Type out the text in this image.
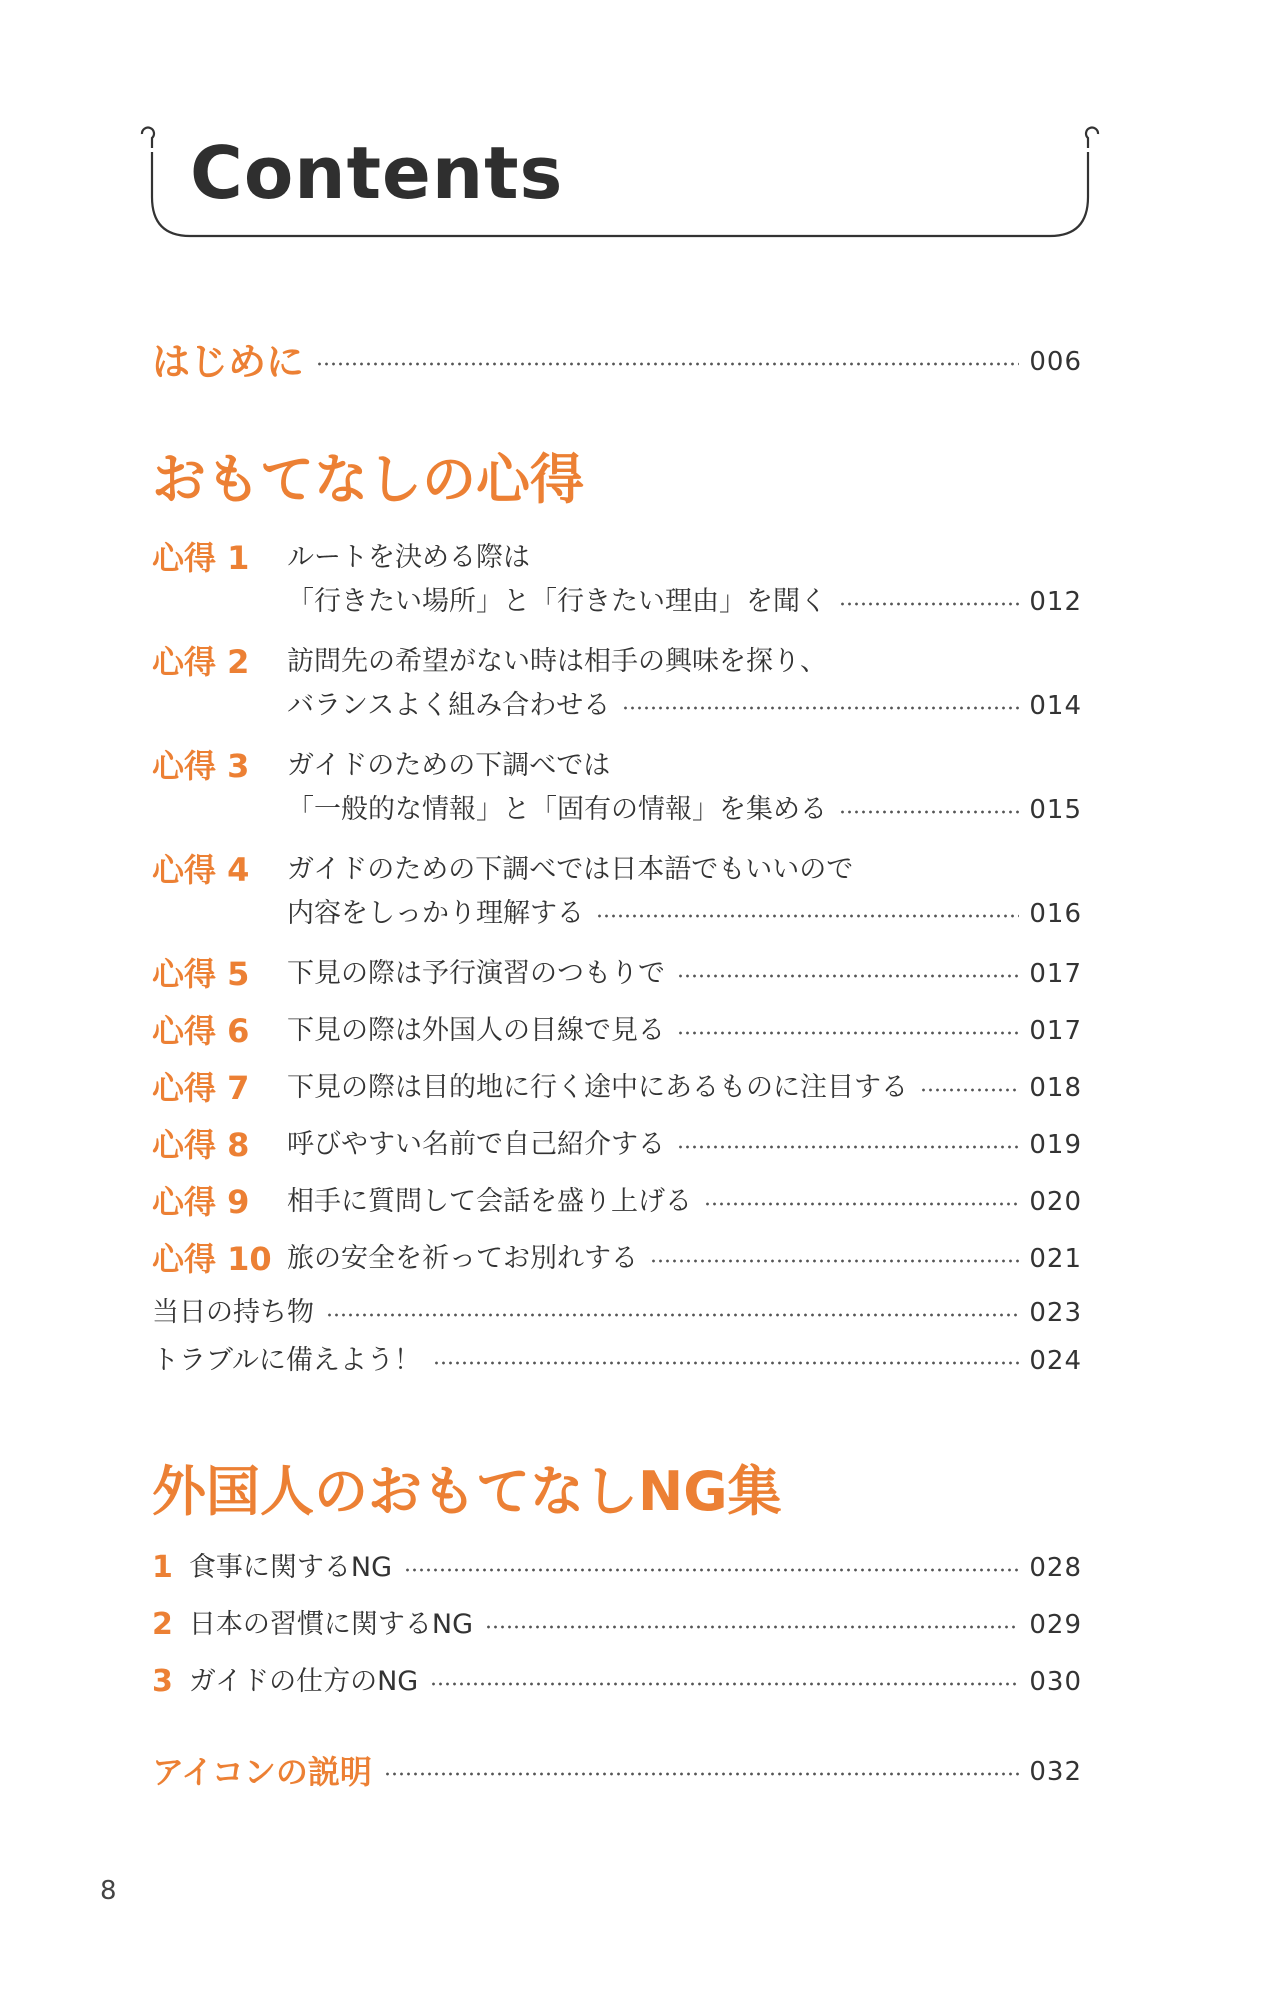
Contents
はじめに	006
おもてなしの心得
心得 1 ルートを決める際は
「行きたい場所」と「行きたい理由」を聞く	012
心得 2 訪問先の希望がない時は相手の興味を探り、
バランスよく組み合わせる	014
心得 3 ガイドのための下調べでは
「一般的な情報」と「固有の情報」を集める	015
心得 4 ガイドのための下調べでは日本語でもいいので
内容をしっかり理解する	016
心得 5 下見の際は予行演習のつもりで	017
心得 6 下見の際は外国人の目線で見る	017
心得 7 下見の際は目的地に行く途中にあるものに注目する	018
心得 8 呼びやすい名前で自己紹介する	019
心得 9 相手に質問して会話を盛り上げる	020
心得 10 旅の安全を祈ってお別れする	021
当日の持ち物	023
トラブルに備えよう！	024
外国人のおもてなしNG集
1 食事に関するNG	028
2 日本の習慣に関するNG	029
3 ガイドの仕方のNG	030
アイコンの説明	032
8
